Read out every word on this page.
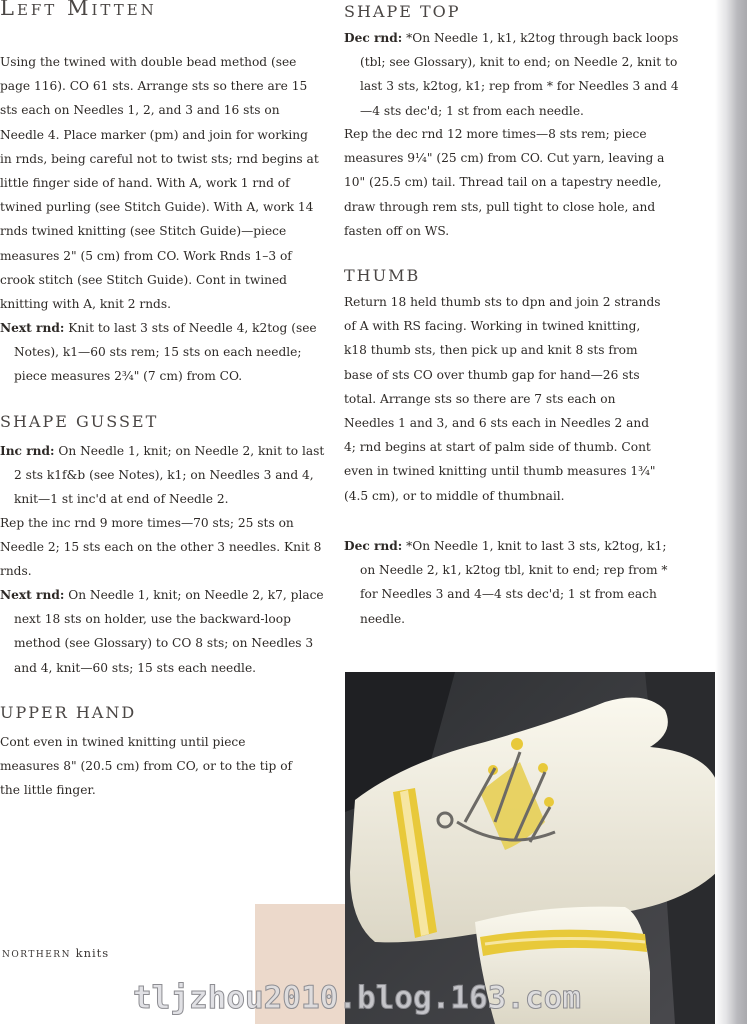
Left Mitten

Using the twined with double bead method (see page 116). CO 61 sts. Arrange sts so there are 15 sts each on Needles 1, 2, and 3 and 16 sts on Needle 4. Place marker (pm) and join for working in rnds, being careful not to twist sts; rnd begins at little finger side of hand. With A, work 1 rnd of twined purling (see Stitch Guide). With A, work 14 rnds twined knitting (see Stitch Guide)—piece measures 2" (5 cm) from CO. Work Rnds 1–3 of crook stitch (see Stitch Guide). Cont in twined knitting with A, knit 2 rnds.

Next rnd: Knit to last 3 sts of Needle 4, k2tog (see Notes), k1—60 sts rem; 15 sts on each needle; piece measures 2¾" (7 cm) from CO.

SHAPE GUSSET

Inc rnd: On Needle 1, knit; on Needle 2, knit to last 2 sts k1f&b (see Notes), k1; on Needles 3 and 4, knit—1 st inc'd at end of Needle 2.

Rep the inc rnd 9 more times—70 sts; 25 sts on Needle 2; 15 sts each on the other 3 needles. Knit 8 rnds.

Next rnd: On Needle 1, knit; on Needle 2, k7, place next 18 sts on holder, use the backward-loop method (see Glossary) to CO 8 sts; on Needles 3 and 4, knit—60 sts; 15 sts each needle.

UPPER HAND

Cont even in twined knitting until piece measures 8" (20.5 cm) from CO, or to the tip of the little finger.

SHAPE TOP

Dec rnd: *On Needle 1, k1, k2tog through back loops (tbl; see Glossary), knit to end; on Needle 2, knit to last 3 sts, k2tog, k1; rep from * for Needles 3 and 4—4 sts dec'd; 1 st from each needle.

Rep the dec rnd 12 more times—8 sts rem; piece measures 9¼" (25 cm) from CO. Cut yarn, leaving a 10" (25.5 cm) tail. Thread tail on a tapestry needle, draw through rem sts, pull tight to close hole, and fasten off on WS.

THUMB

Return 18 held thumb sts to dpn and join 2 strands of A with RS facing. Working in twined knitting, k18 thumb sts, then pick up and knit 8 sts from base of sts CO over thumb gap for hand—26 sts total. Arrange sts so there are 7 sts each on Needles 1 and 3, and 6 sts each in Needles 2 and 4; rnd begins at start of palm side of thumb. Cont even in twined knitting until thumb measures 1¾" (4.5 cm), or to middle of thumbnail.

Dec rnd: *On Needle 1, knit to last 3 sts, k2tog, k1; on Needle 2, k1, k2tog tbl, knit to end; rep from * for Needles 3 and 4—4 sts dec'd; 1 st from each needle.

NORTHERN knits
tljzhou2010.blog.163.com
